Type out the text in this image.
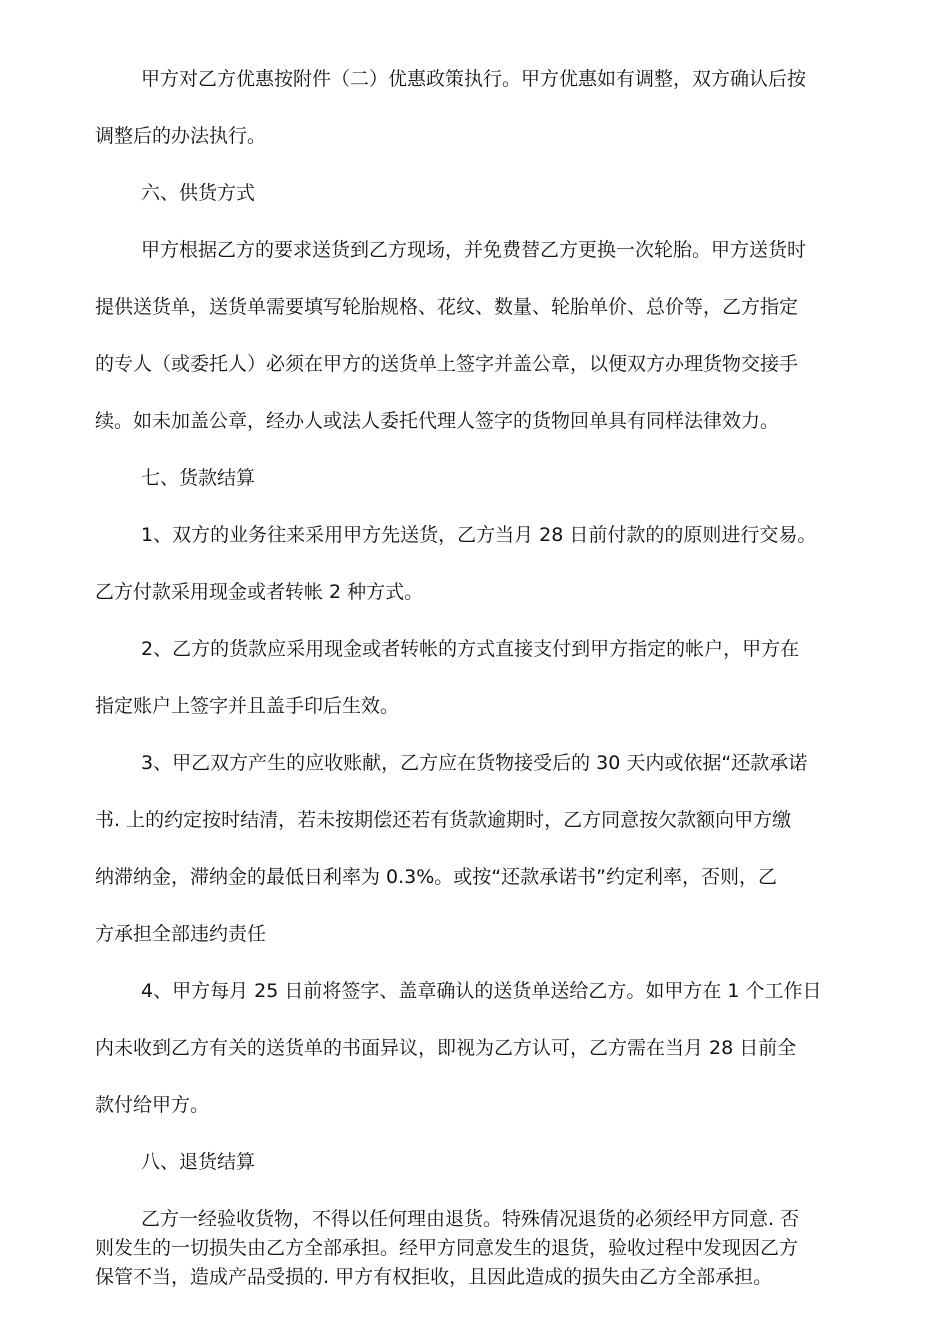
甲方对乙方优惠按附件（二）优惠政策执行。甲方优惠如有调整，双方确认后按
调整后的办法执行。
六、供货方式
甲方根据乙方的要求送货到乙方现场，并免费替乙方更换一次轮胎。甲方送货时
提供送货单，送货单需要填写轮胎规格、花纹、数量、轮胎单价、总价等，乙方指定
的专人（或委托人）必须在甲方的送货单上签字并盖公章，以便双方办理货物交接手
续。如未加盖公章，经办人或法人委托代理人签字的货物回单具有同样法律效力。
七、货款结算
1、双方的业务往来采用甲方先送货，乙方当月 28 日前付款的的原则进行交易。
乙方付款采用现金或者转帐 2 种方式。
2、乙方的货款应采用现金或者转帐的方式直接支付到甲方指定的帐户，甲方在
指定账户上签字并且盖手印后生效。
3、甲乙双方产生的应收账献，乙方应在货物接受后的 30 天内或依据“还款承诺
书. 上的约定按时结清，若未按期偿还若有货款逾期时，乙方同意按欠款额向甲方缴
纳滞纳金，滞纳金的最低日利率为 0.3%。或按“还款承诺书”约定利率，否则，乙
方承担全部违约责任
4、甲方每月 25 日前将签字、盖章确认的送货单送给乙方。如甲方在 1 个工作日
内未收到乙方有关的送货单的书面异议，即视为乙方认可，乙方需在当月 28 日前全
款付给甲方。
八、退货结算
乙方一经验收货物，不得以任何理由退货。特殊倩况退货的必须经甲方同意. 否
则发生的一切损失由乙方全部承担。经甲方同意发生的退货，验收过程中发现因乙方
保管不当，造成产品受损的. 甲方有权拒收，且因此造成的损失由乙方全部承担。
